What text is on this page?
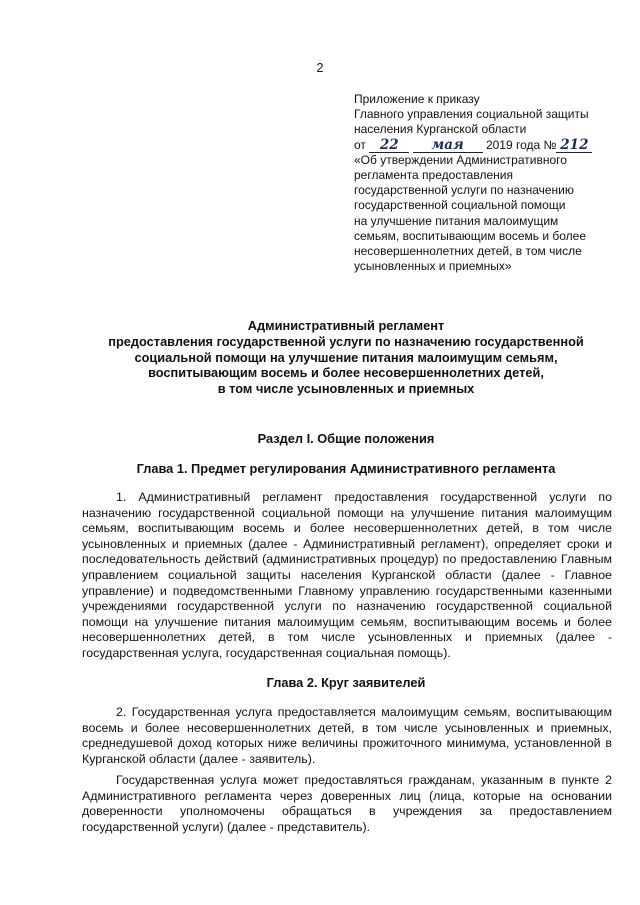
2
Приложение к приказу
Главного управления социальной защиты
населения Курганской области
от 22 мая 2019 года № 212
«Об утверждении Административного
регламента предоставления
государственной услуги по назначению
государственной социальной помощи
на улучшение питания малоимущим
семьям, воспитывающим восемь и более
несовершеннолетних детей, в том числе
усыновленных и приемных»
Административный регламент
предоставления государственной услуги по назначению государственной
социальной помощи на улучшение питания малоимущим семьям,
воспитывающим восемь и более несовершеннолетних детей,
в том числе усыновленных и приемных
Раздел I. Общие положения
Глава 1. Предмет регулирования Административного регламента
1. Административный регламент предоставления государственной услуги по назначению государственной социальной помощи на улучшение питания малоимущим семьям, воспитывающим восемь и более несовершеннолетних детей, в том числе усыновленных и приемных (далее - Административный регламент), определяет сроки и последовательность действий (административных процедур) по предоставлению Главным управлением социальной защиты населения Курганской области (далее - Главное управление) и подведомственными Главному управлению государственными казенными учреждениями государственной услуги по назначению государственной социальной помощи на улучшение питания малоимущим семьям, воспитывающим восемь и более несовершеннолетних детей, в том числе усыновленных и приемных (далее - государственная услуга, государственная социальная помощь).
Глава 2. Круг заявителей
2. Государственная услуга предоставляется малоимущим семьям, воспитывающим восемь и более несовершеннолетних детей, в том числе усыновленных и приемных, среднедушевой доход которых ниже величины прожиточного минимума, установленной в Курганской области (далее - заявитель).
Государственная услуга может предоставляться гражданам, указанным в пункте 2 Административного регламента через доверенных лиц (лица, которые на основании доверенности уполномочены обращаться в учреждения за предоставлением государственной услуги) (далее - представитель).
